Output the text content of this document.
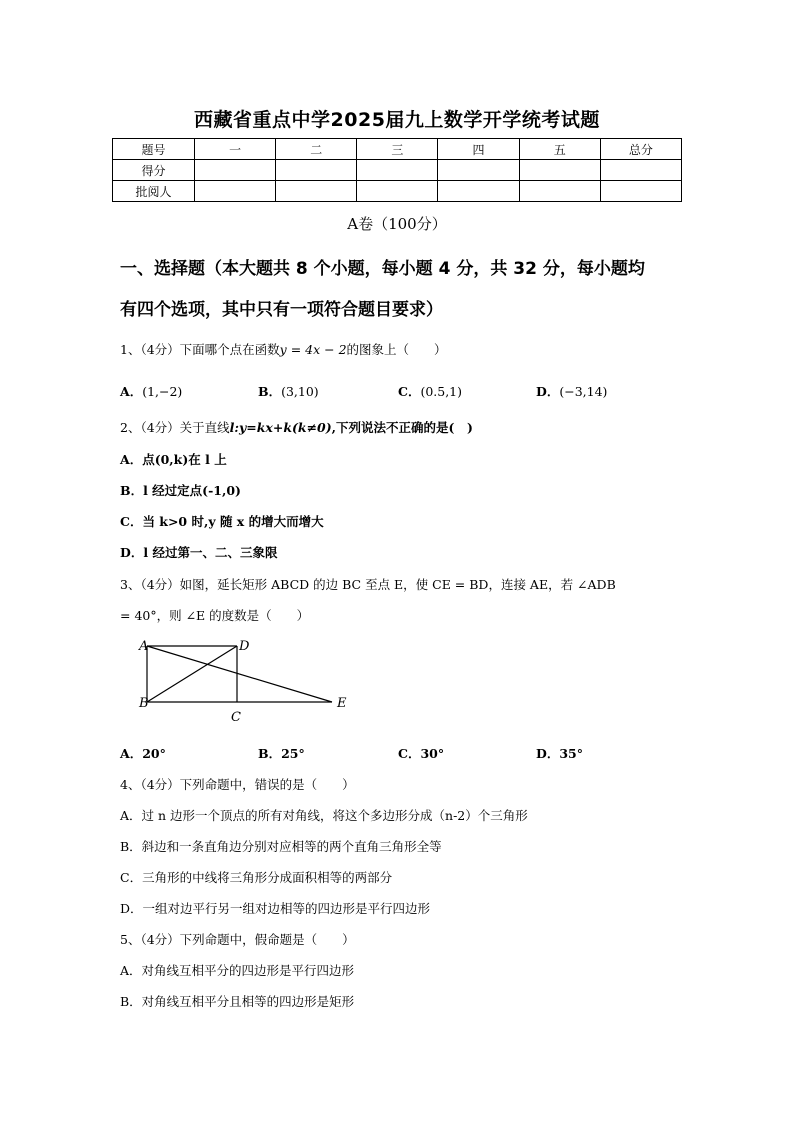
西藏省重点中学2025届九上数学开学统考试题
题号	一	二	三	四	五	总分
得分						
批阅人						
A卷（100分）
一、选择题（本大题共 8 个小题，每小题 4 分，共 32 分，每小题均
有四个选项，其中只有一项符合题目要求）
1、（4分）下面哪个点在函数y = 4x − 2的图象上（　　）
A．(1,−2)	B．(3,10)	C．(0.5,1)	D．(−3,14)
2、（4分）关于直线l:y=kx+k(k≠0),下列说法不正确的是(　)
A．点(0,k)在 l 上
B．l 经过定点(-1,0)
C．当 k>0 时,y 随 x 的增大而增大
D．l 经过第一、二、三象限
3、（4分）如图，延长矩形 ABCD 的边 BC 至点 E，使 CE = BD，连接 AE，若 ∠ADB
= 40°，则 ∠E 的度数是（　　）
A	D
B
C
E
A．20°	B．25°	C．30°	D．35°
4、（4分）下列命题中，错误的是（　　）
A．过 n 边形一个顶点的所有对角线，将这个多边形分成（n-2）个三角形
B．斜边和一条直角边分别对应相等的两个直角三角形全等
C．三角形的中线将三角形分成面积相等的两部分
D．一组对边平行另一组对边相等的四边形是平行四边形
5、（4分）下列命题中，假命题是（　　）
A．对角线互相平分的四边形是平行四边形
B．对角线互相平分且相等的四边形是矩形
